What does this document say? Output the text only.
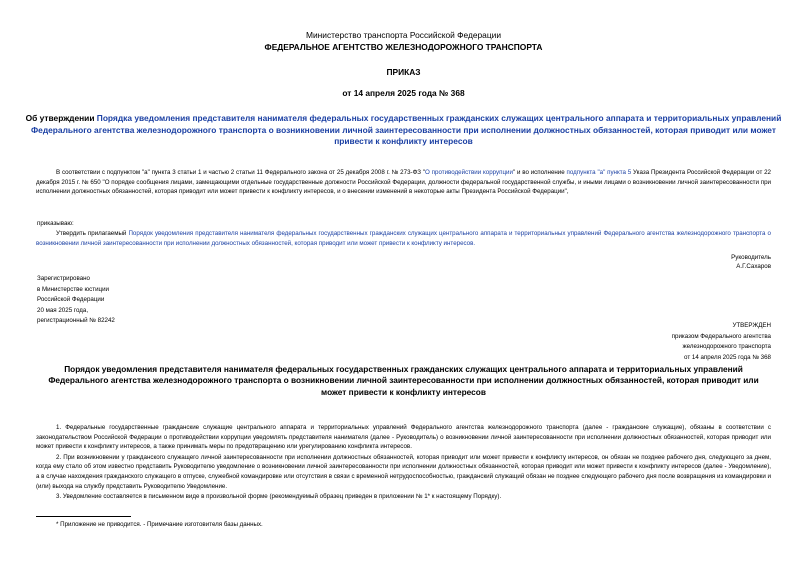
Министерство транспорта Российской Федерации
ФЕДЕРАЛЬНОЕ АГЕНТСТВО ЖЕЛЕЗНОДОРОЖНОГО ТРАНСПОРТА
ПРИКАЗ
от 14 апреля 2025 года № 368
Об утверждении Порядка уведомления представителя нанимателя федеральных государственных гражданских служащих центрального аппарата и территориальных управлений Федерального агентства железнодорожного транспорта о возникновении личной заинтересованности при исполнении должностных обязанностей, которая приводит или может привести к конфликту интересов
В соответствии с подпунктом "а" пункта 3 статьи 1 и частью 2 статьи 11 Федерального закона от 25 декабря 2008 г. № 273-ФЗ "О противодействии коррупции" и во исполнение подпункта "а" пункта 5 Указа Президента Российской Федерации от 22 декабря 2015 г. № 650 "О порядке сообщения лицами, замещающими отдельные государственные должности Российской Федерации, должности федеральной государственной службы, и иными лицами о возникновении личной заинтересованности при исполнении должностных обязанностей, которая приводит или может привести к конфликту интересов, и о внесении изменений в некоторые акты Президента Российской Федерации",
приказываю:
Утвердить прилагаемый Порядок уведомления представителя нанимателя федеральных государственных гражданских служащих центрального аппарата и территориальных управлений Федерального агентства железнодорожного транспорта о возникновении личной заинтересованности при исполнении должностных обязанностей, которая приводит или может привести к конфликту интересов.
Руководитель
А.Г.Сахаров
Зарегистрировано
в Министерстве юстиции
Российской Федерации
20 мая 2025 года,
регистрационный № 82242
УТВЕРЖДЕН
приказом Федерального агентства
железнодорожного транспорта
от 14 апреля 2025 года № 368
Порядок уведомления представителя нанимателя федеральных государственных гражданских служащих центрального аппарата и территориальных управлений Федерального агентства железнодорожного транспорта о возникновении личной заинтересованности при исполнении должностных обязанностей, которая приводит или может привести к конфликту интересов
1. Федеральные государственные гражданские служащие центрального аппарата и территориальных управлений Федерального агентства железнодорожного транспорта (далее - гражданские служащие), обязаны в соответствии с законодательством Российской Федерации о противодействии коррупции уведомлять представителя нанимателя (далее - Руководитель) о возникновении личной заинтересованности при исполнении должностных обязанностей, которая приводит или может привести к конфликту интересов, а также принимать меры по предотвращению или урегулированию конфликта интересов.
2. При возникновении у гражданского служащего личной заинтересованности при исполнении должностных обязанностей, которая приводит или может привести к конфликту интересов, он обязан не позднее рабочего дня, следующего за днем, когда ему стало об этом известно представить Руководителю уведомление о возникновении личной заинтересованности при исполнении должностных обязанностей, которая приводит или может привести к конфликту интересов (далее - Уведомление), а в случае нахождения гражданского служащего в отпуске, служебной командировке или отсутствия в связи с временной нетрудоспособностью, гражданский служащий обязан не позднее следующего рабочего дня после возвращения из командировки и (или) выхода на службу представить Руководителю Уведомление.
3. Уведомление составляется в письменном виде в произвольной форме (рекомендуемый образец приведен в приложении № 1* к настоящему Порядку).
* Приложение не приводится. - Примечание изготовителя базы данных.
